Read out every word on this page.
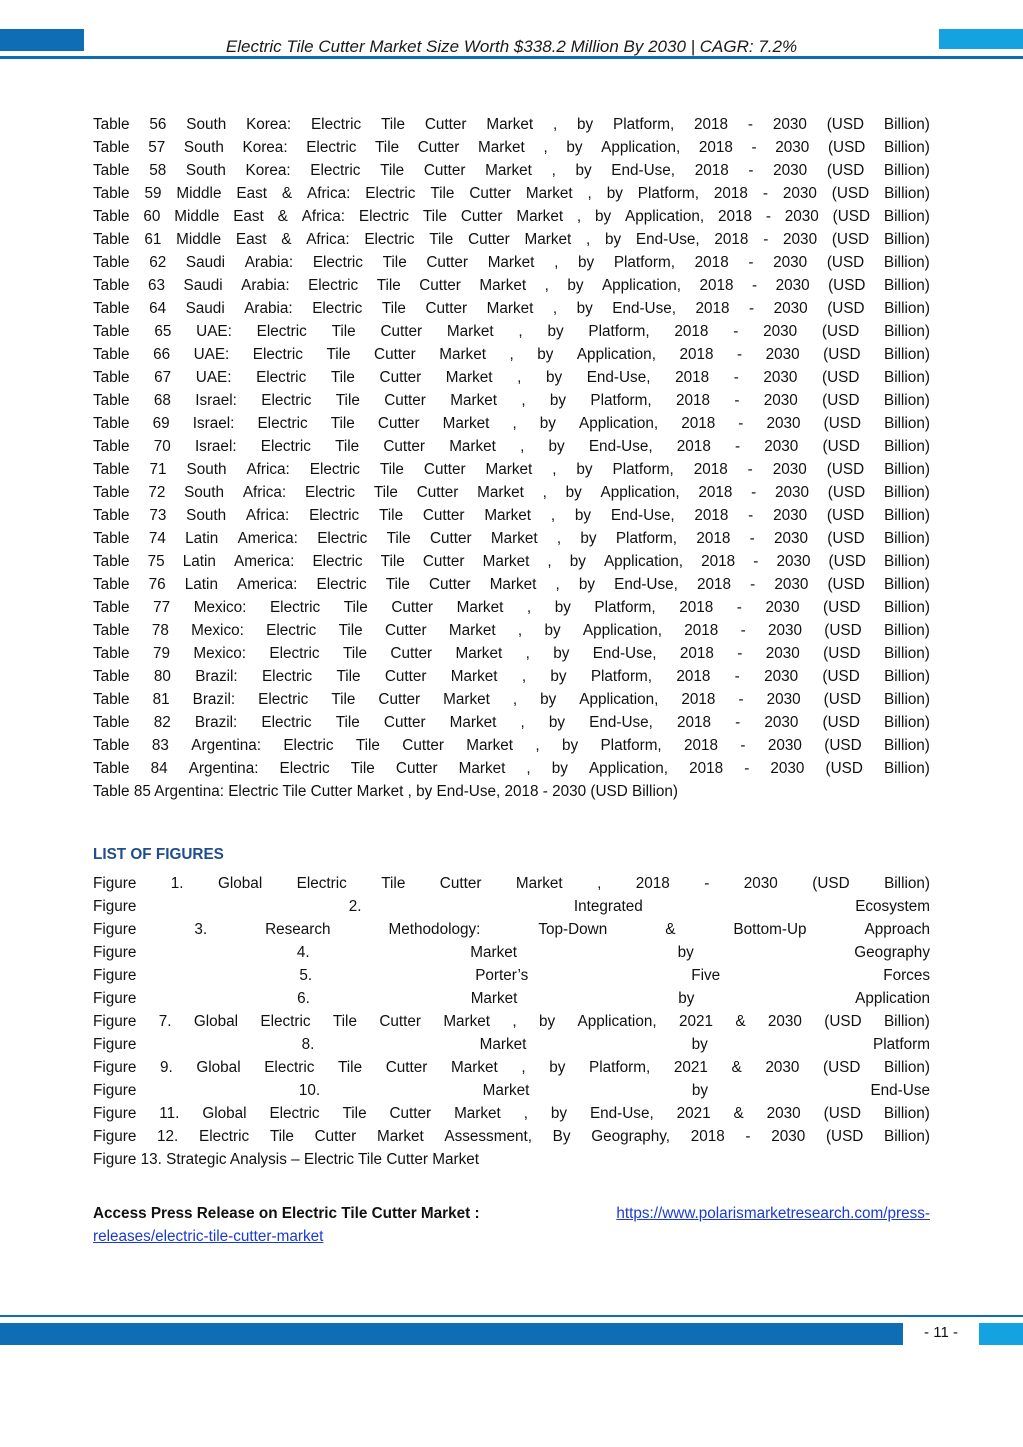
Electric Tile Cutter Market Size Worth $338.2 Million By 2030 | CAGR: 7.2%
Table 56 South Korea: Electric Tile Cutter Market , by Platform, 2018 - 2030 (USD Billion)
Table 57 South Korea: Electric Tile Cutter Market , by Application, 2018 - 2030 (USD Billion)
Table 58 South Korea: Electric Tile Cutter Market , by End-Use, 2018 - 2030 (USD Billion)
Table 59 Middle East & Africa: Electric Tile Cutter Market , by Platform, 2018 - 2030 (USD Billion)
Table 60 Middle East & Africa: Electric Tile Cutter Market , by Application, 2018 - 2030 (USD Billion)
Table 61 Middle East & Africa: Electric Tile Cutter Market , by End-Use, 2018 - 2030 (USD Billion)
Table 62 Saudi Arabia: Electric Tile Cutter Market , by Platform, 2018 - 2030 (USD Billion)
Table 63 Saudi Arabia: Electric Tile Cutter Market , by Application, 2018 - 2030 (USD Billion)
Table 64 Saudi Arabia: Electric Tile Cutter Market , by End-Use, 2018 - 2030 (USD Billion)
Table 65 UAE: Electric Tile Cutter Market , by Platform, 2018 - 2030 (USD Billion)
Table 66 UAE: Electric Tile Cutter Market , by Application, 2018 - 2030 (USD Billion)
Table 67 UAE: Electric Tile Cutter Market , by End-Use, 2018 - 2030 (USD Billion)
Table 68 Israel: Electric Tile Cutter Market , by Platform, 2018 - 2030 (USD Billion)
Table 69 Israel: Electric Tile Cutter Market , by Application, 2018 - 2030 (USD Billion)
Table 70 Israel: Electric Tile Cutter Market , by End-Use, 2018 - 2030 (USD Billion)
Table 71 South Africa: Electric Tile Cutter Market , by Platform, 2018 - 2030 (USD Billion)
Table 72 South Africa: Electric Tile Cutter Market , by Application, 2018 - 2030 (USD Billion)
Table 73 South Africa: Electric Tile Cutter Market , by End-Use, 2018 - 2030 (USD Billion)
Table 74 Latin America: Electric Tile Cutter Market , by Platform, 2018 - 2030 (USD Billion)
Table 75 Latin America: Electric Tile Cutter Market , by Application, 2018 - 2030 (USD Billion)
Table 76 Latin America: Electric Tile Cutter Market , by End-Use, 2018 - 2030 (USD Billion)
Table 77 Mexico: Electric Tile Cutter Market , by Platform, 2018 - 2030 (USD Billion)
Table 78 Mexico: Electric Tile Cutter Market , by Application, 2018 - 2030 (USD Billion)
Table 79 Mexico: Electric Tile Cutter Market , by End-Use, 2018 - 2030 (USD Billion)
Table 80 Brazil: Electric Tile Cutter Market , by Platform, 2018 - 2030 (USD Billion)
Table 81 Brazil: Electric Tile Cutter Market , by Application, 2018 - 2030 (USD Billion)
Table 82 Brazil: Electric Tile Cutter Market , by End-Use, 2018 - 2030 (USD Billion)
Table 83 Argentina: Electric Tile Cutter Market , by Platform, 2018 - 2030 (USD Billion)
Table 84 Argentina: Electric Tile Cutter Market , by Application, 2018 - 2030 (USD Billion)
Table 85 Argentina: Electric Tile Cutter Market , by End-Use, 2018 - 2030 (USD Billion)
LIST OF FIGURES
Figure 1. Global Electric Tile Cutter Market , 2018 - 2030 (USD Billion)
Figure	2.	Integrated	Ecosystem
Figure	3.	Research	Methodology:	Top-Down	&	Bottom-Up	Approach
Figure	4.	Market	by	Geography
Figure	5.	Porter’s	Five	Forces
Figure	6.	Market	by	Application
Figure 7. Global Electric Tile Cutter Market , by Application, 2021 & 2030 (USD Billion)
Figure	8.	Market	by	Platform
Figure 9. Global Electric Tile Cutter Market , by Platform, 2021 & 2030 (USD Billion)
Figure	10.	Market	by	End-Use
Figure 11. Global Electric Tile Cutter Market , by End-Use, 2021 & 2030 (USD Billion)
Figure 12. Electric Tile Cutter Market Assessment, By Geography, 2018 - 2030 (USD Billion)
Figure 13. Strategic Analysis – Electric Tile Cutter Market
Access Press Release on Electric Tile Cutter Market :	https://www.polarismarketresearch.com/press-
releases/electric-tile-cutter-market
- 11 -
